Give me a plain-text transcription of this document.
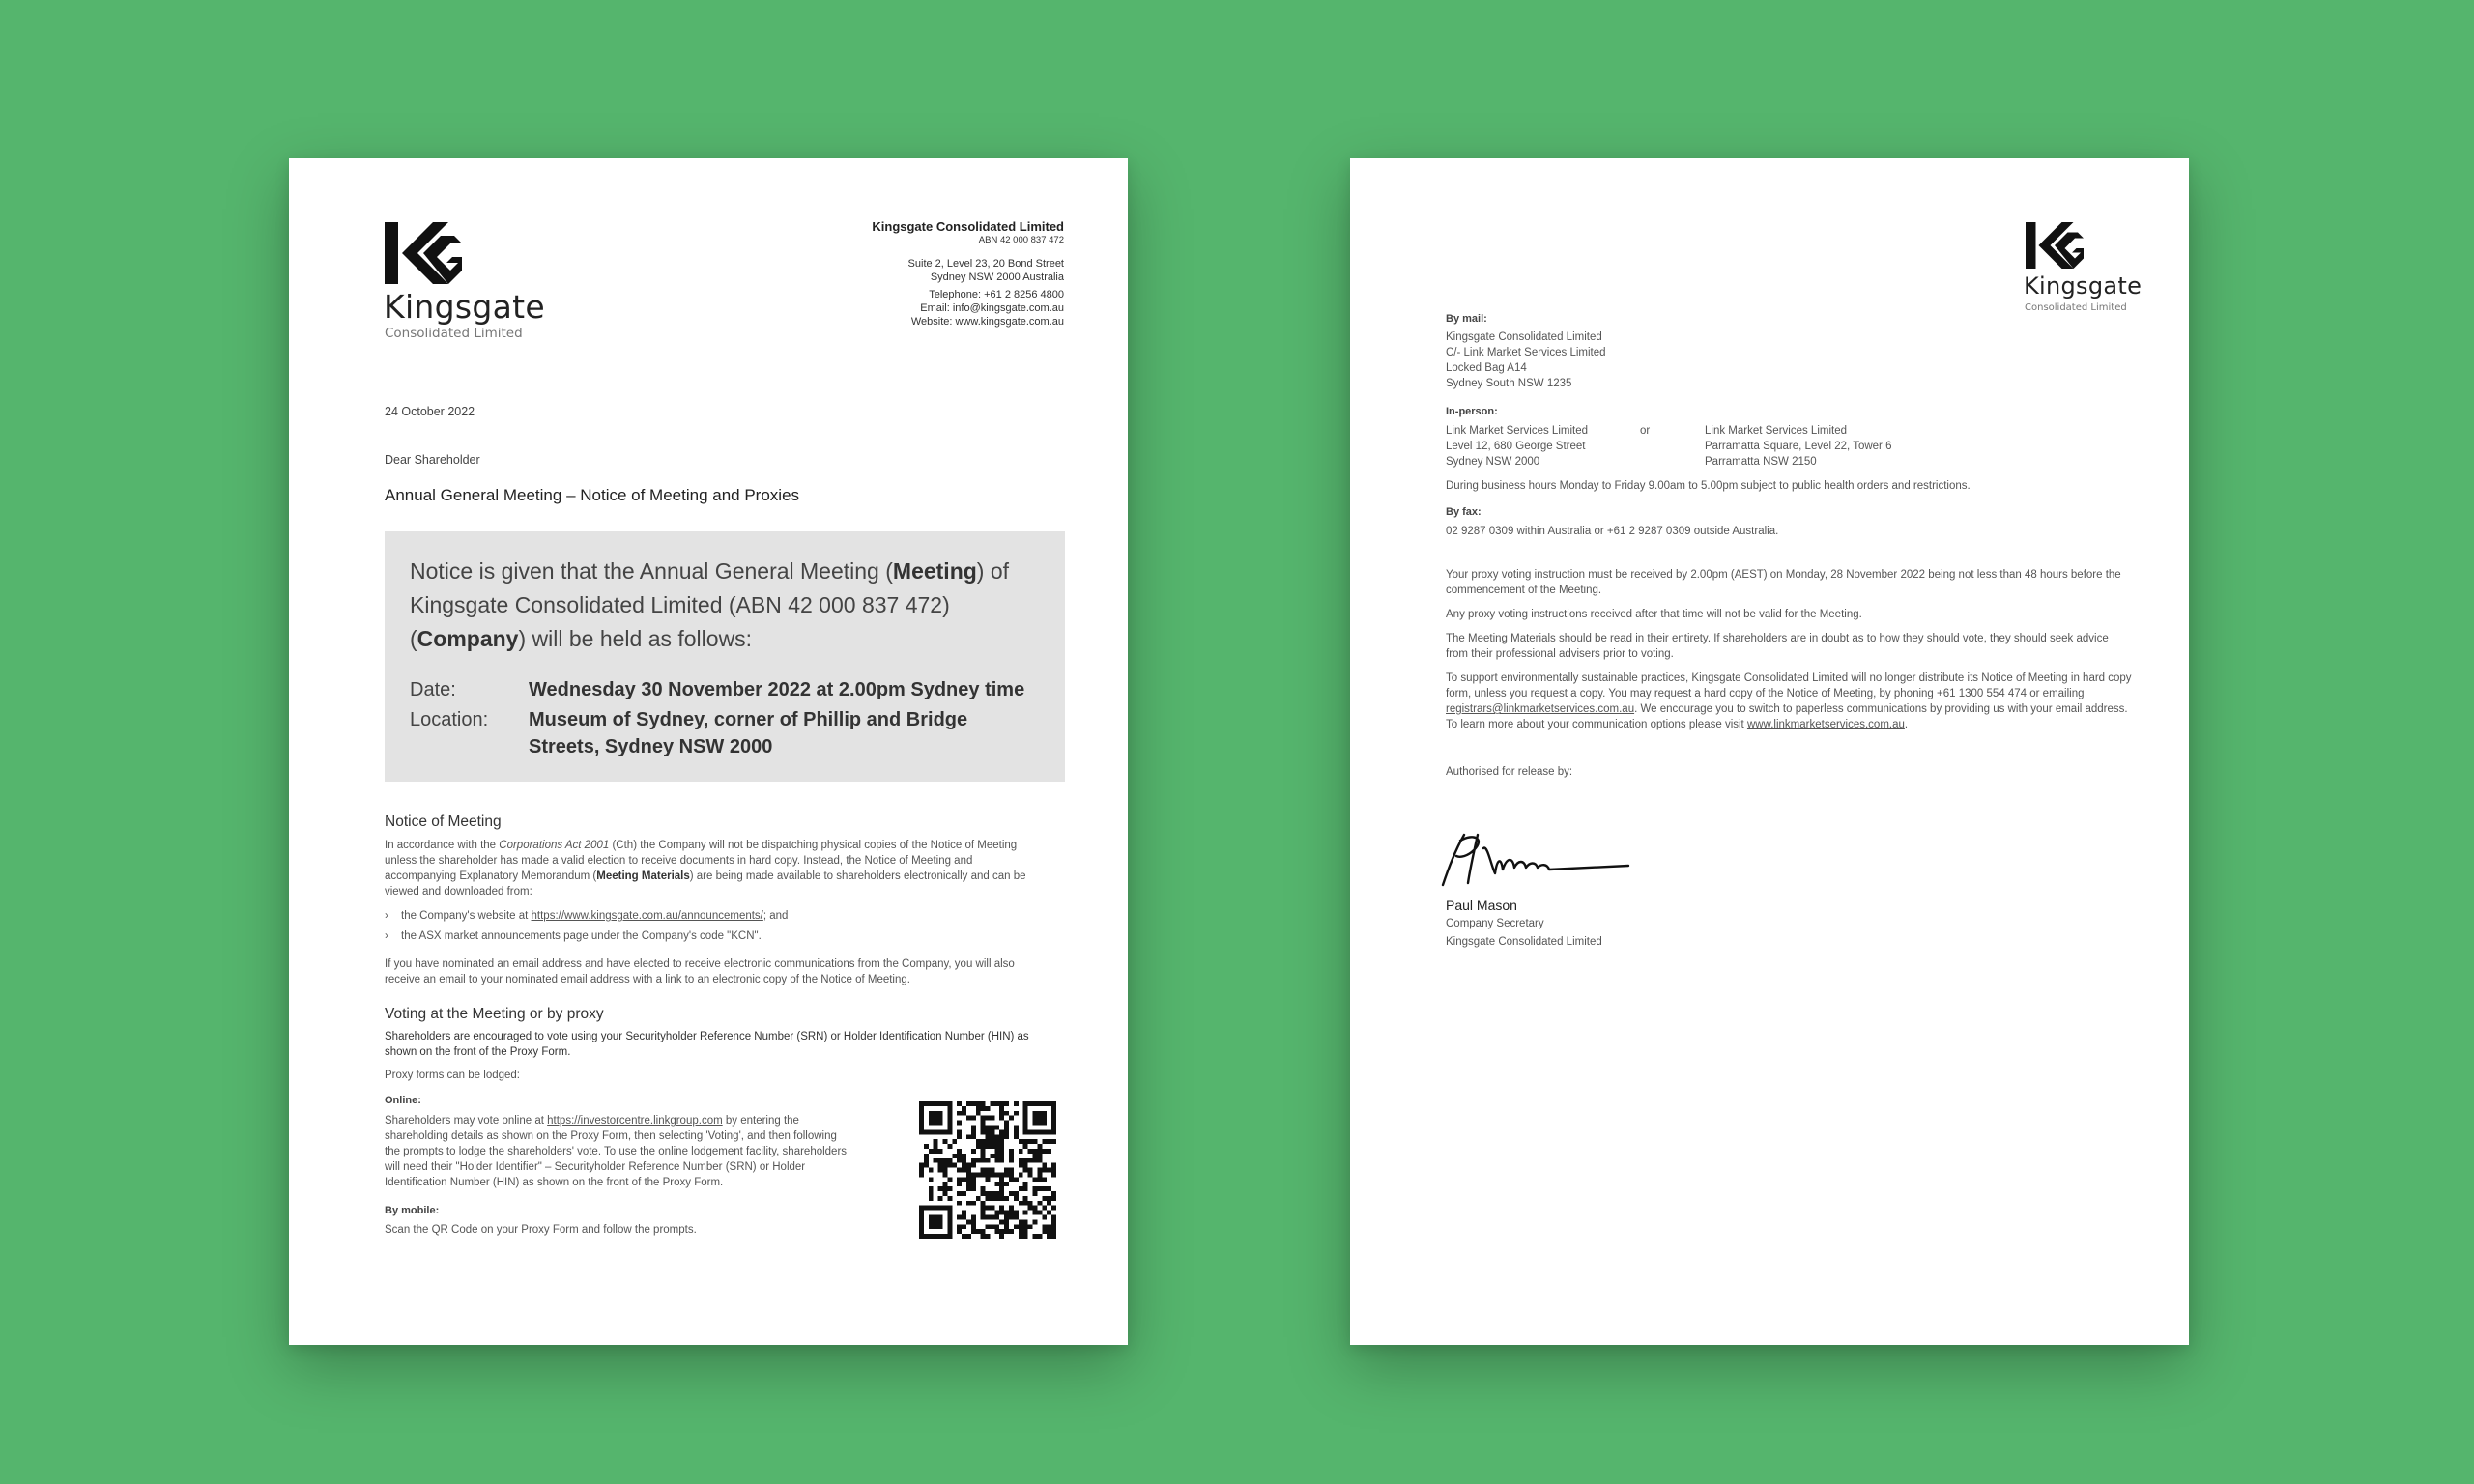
Kingsgate
Consolidated Limited
Kingsgate Consolidated Limited
ABN 42 000 837 472
Suite 2, Level 23, 20 Bond Street
Sydney NSW 2000 Australia
Telephone: +61 2 8256 4800
Email: info@kingsgate.com.au
Website: www.kingsgate.com.au
24 October 2022
Dear Shareholder
Annual General Meeting – Notice of Meeting and Proxies
Notice is given that the Annual General Meeting (Meeting) of Kingsgate Consolidated Limited (ABN 42 000 837 472) (Company) will be held as follows:
Date:	Wednesday 30 November 2022 at 2.00pm Sydney time
Location: Museum of Sydney, corner of Phillip and Bridge Streets, Sydney NSW 2000
Notice of Meeting
In accordance with the Corporations Act 2001 (Cth) the Company will not be dispatching physical copies of the Notice of Meeting unless the shareholder has made a valid election to receive documents in hard copy. Instead, the Notice of Meeting and accompanying Explanatory Memorandum (Meeting Materials) are being made available to shareholders electronically and can be viewed and downloaded from:
› the Company's website at https://www.kingsgate.com.au/announcements/; and
› the ASX market announcements page under the Company's code "KCN".
If you have nominated an email address and have elected to receive electronic communications from the Company, you will also receive an email to your nominated email address with a link to an electronic copy of the Notice of Meeting.
Voting at the Meeting or by proxy
Shareholders are encouraged to vote using your Securityholder Reference Number (SRN) or Holder Identification Number (HIN) as shown on the front of the Proxy Form.
Proxy forms can be lodged:
Online:
Shareholders may vote online at https://investorcentre.linkgroup.com by entering the shareholding details as shown on the Proxy Form, then selecting 'Voting', and then following the prompts to lodge the shareholders' vote. To use the online lodgement facility, shareholders will need their "Holder Identifier" – Securityholder Reference Number (SRN) or Holder Identification Number (HIN) as shown on the front of the Proxy Form.
By mobile:
Scan the QR Code on your Proxy Form and follow the prompts.
Kingsgate
Consolidated Limited
By mail:
Kingsgate Consolidated Limited
C/- Link Market Services Limited
Locked Bag A14
Sydney South NSW 1235
In-person:
Link Market Services Limited
Level 12, 680 George Street
Sydney NSW 2000
or	Link Market Services Limited
Parramatta Square, Level 22, Tower 6
Parramatta NSW 2150
During business hours Monday to Friday 9.00am to 5.00pm subject to public health orders and restrictions.
By fax:
02 9287 0309 within Australia or +61 2 9287 0309 outside Australia.
Your proxy voting instruction must be received by 2.00pm (AEST) on Monday, 28 November 2022 being not less than 48 hours before the commencement of the Meeting.
Any proxy voting instructions received after that time will not be valid for the Meeting.
The Meeting Materials should be read in their entirety. If shareholders are in doubt as to how they should vote, they should seek advice from their professional advisers prior to voting.
To support environmentally sustainable practices, Kingsgate Consolidated Limited will no longer distribute its Notice of Meeting in hard copy form, unless you request a copy. You may request a hard copy of the Notice of Meeting, by phoning +61 1300 554 474 or emailing registrars@linkmarketservices.com.au. We encourage you to switch to paperless communications by providing us with your email address. To learn more about your communication options please visit www.linkmarketservices.com.au.
Authorised for release by:
Paul Mason
Company Secretary
Kingsgate Consolidated Limited
